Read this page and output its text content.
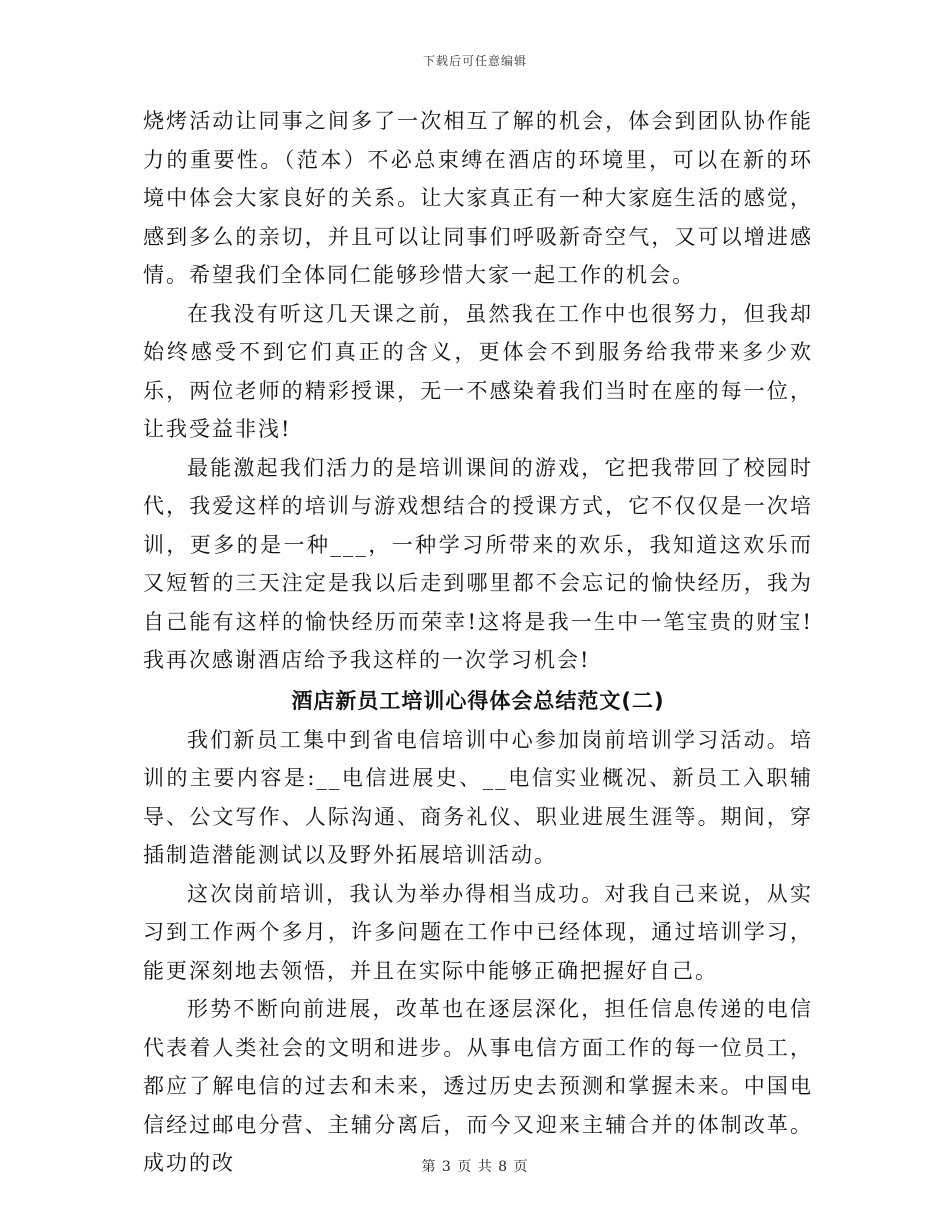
下载后可任意编辑

烧烤活动让同事之间多了一次相互了解的机会，体会到团队协作能力的重要性。（范本）不必总束缚在酒店的环境里，可以在新的环境中体会大家良好的关系。让大家真正有一种大家庭生活的感觉，感到多么的亲切，并且可以让同事们呼吸新奇空气，又可以增进感情。希望我们全体同仁能够珍惜大家一起工作的机会。

在我没有听这几天课之前，虽然我在工作中也很努力，但我却始终感受不到它们真正的含义，更体会不到服务给我带来多少欢乐，两位老师的精彩授课，无一不感染着我们当时在座的每一位，让我受益非浅!

最能激起我们活力的是培训课间的游戏，它把我带回了校园时代，我爱这样的培训与游戏想结合的授课方式，它不仅仅是一次培训，更多的是一种___，一种学习所带来的欢乐，我知道这欢乐而又短暂的三天注定是我以后走到哪里都不会忘记的愉快经历，我为自己能有这样的愉快经历而荣幸!这将是我一生中一笔宝贵的财宝!我再次感谢酒店给予我这样的一次学习机会!

酒店新员工培训心得体会总结范文(二)

我们新员工集中到省电信培训中心参加岗前培训学习活动。培训的主要内容是:__电信进展史、__电信实业概况、新员工入职辅导、公文写作、人际沟通、商务礼仪、职业进展生涯等。期间，穿插制造潜能测试以及野外拓展培训活动。

这次岗前培训，我认为举办得相当成功。对我自己来说，从实习到工作两个多月，许多问题在工作中已经体现，通过培训学习，能更深刻地去领悟，并且在实际中能够正确把握好自己。

形势不断向前进展，改革也在逐层深化，担任信息传递的电信代表着人类社会的文明和进步。从事电信方面工作的每一位员工，都应了解电信的过去和未来，透过历史去预测和掌握未来。中国电信经过邮电分营、主辅分离后，而今又迎来主辅合并的体制改革。成功的改	第 3 页 共 8 页
